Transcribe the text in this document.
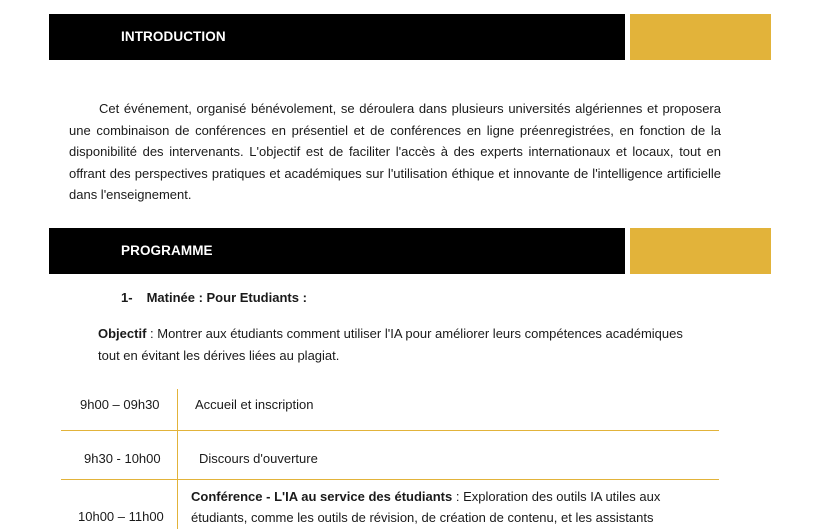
INTRODUCTION

Cet événement, organisé bénévolement, se déroulera dans plusieurs universités algériennes et proposera une combinaison de conférences en présentiel et de conférences en ligne préenregistrées, en fonction de la disponibilité des intervenants. L'objectif est de faciliter l'accès à des experts internationaux et locaux, tout en offrant des perspectives pratiques et académiques sur l'utilisation éthique et innovante de l'intelligence artificielle dans l'enseignement.

PROGRAMME
1- Matinée : Pour Etudiants :

Objectif : Montrer aux étudiants comment utiliser l'IA pour améliorer leurs compétences académiques tout en évitant les dérives liées au plagiat.

9h00 – 09h30	Accueil et inscription
9h30 - 10h00	Discours d'ouverture
10h00 – 11h00
Conférence - L'IA au service des étudiants : Exploration des outils IA utiles aux étudiants, comme les outils de révision, de création de contenu, et les assistants
